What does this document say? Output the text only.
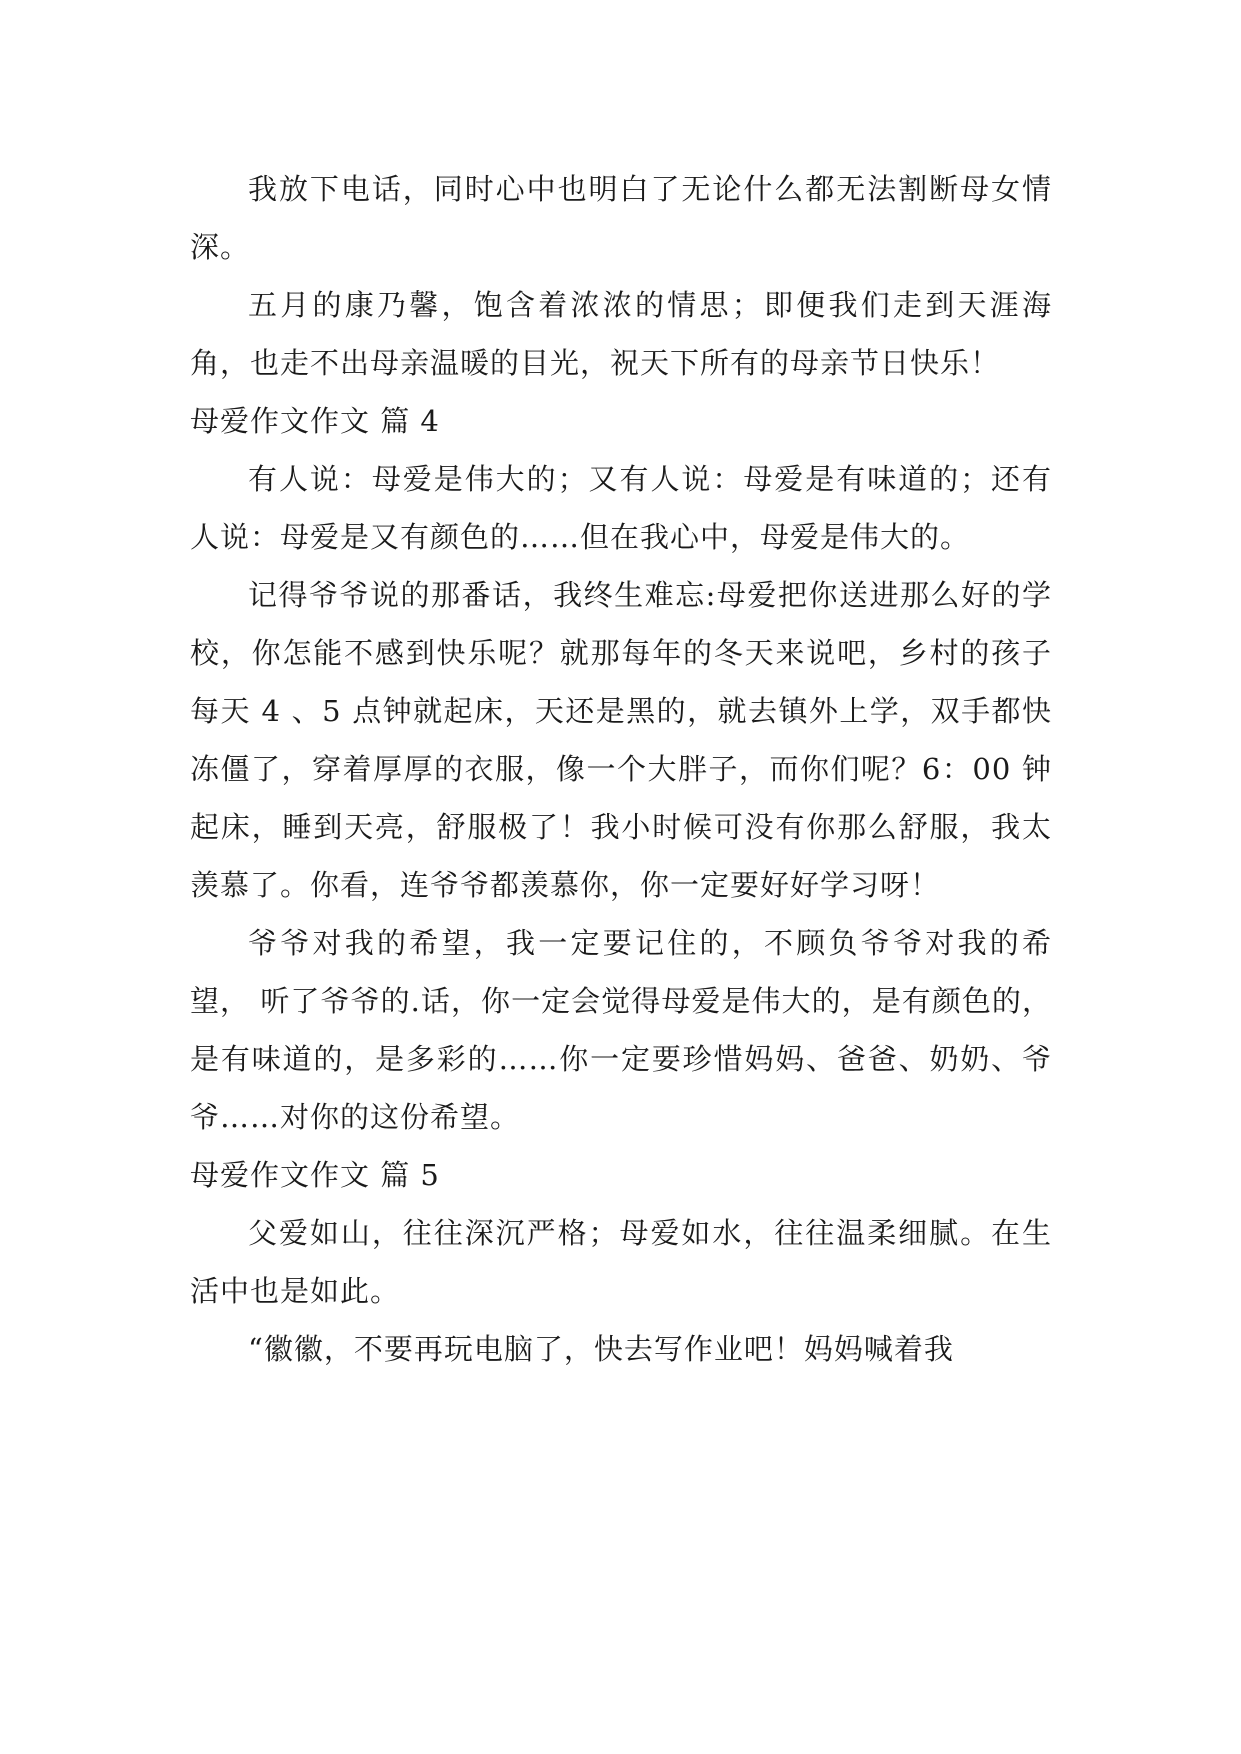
我放下电话，同时心中也明白了无论什么都无法割断母女情深。

五月的康乃馨，饱含着浓浓的情思；即便我们走到天涯海角，也走不出母亲温暖的目光，祝天下所有的母亲节日快乐！

母爱作文作文 篇 4

有人说：母爱是伟大的；又有人说：母爱是有味道的；还有人说：母爱是又有颜色的……但在我心中，母爱是伟大的。

记得爷爷说的那番话，我终生难忘:母爱把你送进那么好的学校，你怎能不感到快乐呢？就那每年的冬天来说吧，乡村的孩子每天 4 、5 点钟就起床，天还是黑的，就去镇外上学，双手都快冻僵了，穿着厚厚的衣服，像一个大胖子，而你们呢？6：00 钟起床，睡到天亮，舒服极了！我小时候可没有你那么舒服，我太羡慕了。你看，连爷爷都羡慕你，你一定要好好学习呀！

爷爷对我的希望，我一定要记住的，不顾负爷爷对我的希望， 听了爷爷的.话，你一定会觉得母爱是伟大的，是有颜色的，是有味道的，是多彩的……你一定要珍惜妈妈、爸爸、奶奶、爷爷……对你的这份希望。

母爱作文作文 篇 5

父爱如山，往往深沉严格；母爱如水，往往温柔细腻。在生活中也是如此。

“徽徽，不要再玩电脑了，快去写作业吧！妈妈喊着我
